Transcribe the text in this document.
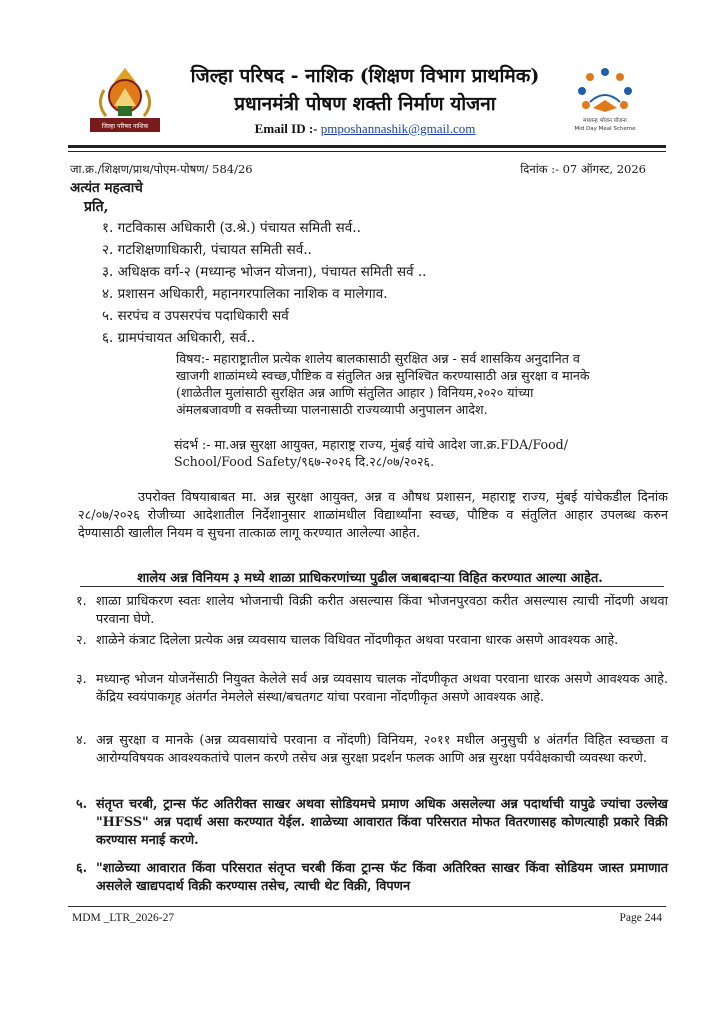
जिल्हा परिषद नाशिक
मध्यान्ह भोजन योजना
Mid Day Meal Scheme
जिल्हा परिषद - नाशिक (शिक्षण विभाग प्राथमिक)
प्रधानमंत्री पोषण शक्ती निर्माण योजना
Email ID :- pmposhannashik@gmail.com
जा.क्र./शिक्षण/प्राथ/पोएम-पोषण/ 584/26	दिनांक :- 07 ऑगस्ट, 2026
अत्यंत महत्वाचे
प्रति,
१. गटविकास अधिकारी (उ.श्रे.) पंचायत समिती सर्व..
२. गटशिक्षणाधिकारी, पंचायत समिती सर्व..
३. अधिक्षक वर्ग-२ (मध्यान्ह भोजन योजना), पंचायत समिती सर्व ..
४. प्रशासन अधिकारी, महानगरपालिका नाशिक व मालेगाव.
५. सरपंच व उपसरपंच पदाधिकारी सर्व
६. ग्रामपंचायत अधिकारी, सर्व..
विषय:- महाराष्ट्रातील प्रत्येक शालेय बालकासाठी सुरक्षित अन्न - सर्व शासकिय अनुदानित व खाजगी शाळांमध्ये स्वच्छ,पौष्टिक व संतुलित अन्न सुनिश्चित करण्यासाठी अन्न सुरक्षा व मानके (शाळेतील मुलांसाठी सुरक्षित अन्न आणि संतुलित आहार ) विनियम,२०२० यांच्या अंमलबजावणी व सक्तीच्या पालनासाठी राज्यव्यापी अनुपालन आदेश.
संदर्भ :- मा.अन्न सुरक्षा आयुक्त, महाराष्ट्र राज्य, मुंबई यांचे आदेश जा.क्र.FDA/Food/ School/Food Safety/९६७-२०२६ दि.२८/०७/२०२६.
उपरोक्त विषयाबाबत मा. अन्न सुरक्षा आयुक्त, अन्न व औषध प्रशासन, महाराष्ट्र राज्य, मुंबई यांचेकडील दिनांक २८/०७/२०२६ रोजीच्या आदेशातील निर्देशानुसार शाळांमधील विद्यार्थ्यांना स्वच्छ, पौष्टिक व संतुलित आहार उपलब्ध करुन देण्यासाठी खालील नियम व सुचना तात्काळ लागू करण्यात आलेल्या आहेत.
शालेय अन्न विनियम ३ मध्ये शाळा प्राधिकरणांच्या पुढील जबाबदाऱ्या विहित करण्यात आल्या आहेत.
१. शाळा प्राधिकरण स्वतः शालेय भोजनाची विक्री करीत असल्यास किंवा भोजनपुरवठा करीत असल्यास त्याची नोंदणी अथवा परवाना घेणे.
२. शाळेने कंत्राट दिलेला प्रत्येक अन्न व्यवसाय चालक विधिवत नोंदणीकृत अथवा परवाना धारक असणे आवश्यक आहे.
३. मध्यान्ह भोजन योजनेंसाठी नियुक्त केलेले सर्व अन्न व्यवसाय चालक नोंदणीकृत अथवा परवाना धारक असणे आवश्यक आहे. केंद्रिय स्वयंपाकगृह अंतर्गत नेमलेले संस्था/बचतगट यांचा परवाना नोंदणीकृत असणे आवश्यक आहे.
४. अन्न सुरक्षा व मानके (अन्न व्यवसायांचे परवाना व नोंदणी) विनियम, २०११ मधील अनुसुची ४ अंतर्गत विहित स्वच्छता व आरोग्यविषयक आवश्यकतांचे पालन करणे तसेच अन्न सुरक्षा प्रदर्शन फलक आणि अन्न सुरक्षा पर्यवेक्षकाची व्यवस्था करणे.
५. संतृप्त चरबी, ट्रान्स फॅट अतिरीक्त साखर अथवा सोडियमचे प्रमाण अधिक असलेल्या अन्न पदार्थाची यापुढे ज्यांचा उल्लेख "HFSS" अन्न पदार्थ असा करण्यात येईल. शाळेच्या आवारात किंवा परिसरात मोफत वितरणासह कोणत्याही प्रकारे विक्री करण्यास मनाई करणे.
६. "शाळेच्या आवारात किंवा परिसरात संतृप्त चरबी किंवा ट्रान्स फॅट किंवा अतिरिक्त साखर किंवा सोडियम जास्त प्रमाणात असलेले खाद्यपदार्थ विक्री करण्यास तसेच, त्याची थेट विक्री, विपणन
MDM _LTR_2026-27	Page 244
